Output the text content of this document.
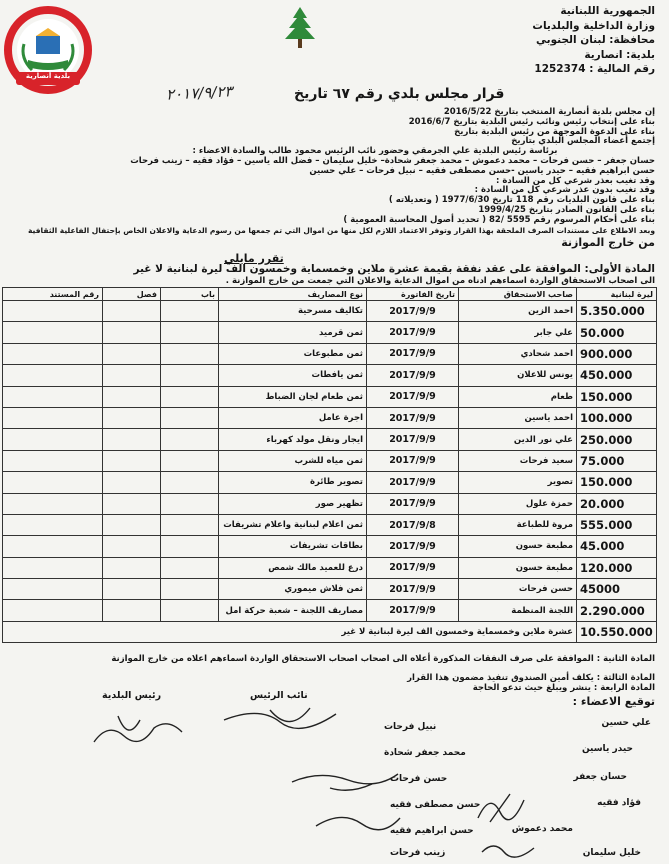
بلدية أنصارية
الجمهورية اللبنانية
وزارة الداخلية والبلديات
محافظة: لبنان الجنوبي
بلدية: انصارية
رقم المالية : 1252374
٢٠١٧/٩/٢٣	قرار مجلس بلدي رقم ٦٧ تاريخ
إن مجلس بلدية أنصارية المنتخب بتاريخ 2016/5/22
بناء على إنتخاب رئيس ونائب رئيس البلدية بتاريخ 2016/6/7
بناء على الدعوة الموجهة من رئيس البلدية بتاريخ
إجتمع أعضاء المجلس البلدي بتاريخ
برئاسة رئيس البلدية علي الجرمقي وحضور نائب الرئيس محمود طالب والسادة الاعضاء :
حسان جعفر – حسن فرحات – محمد دعموش – محمد جعفر شحادة– خليل سليمان – فضل الله ياسين – فؤاد فقيه – زينب فرحات
حسن ابراهيم فقيه – حيدر ياسين -حسن مصطفى فقيه – نبيل فرحات – علي حسين
وقد تغيب بعذر شرعي كل من السادة :
وقد تغيب بدون عذر شرعي كل من السادة :
بناء على قانون البلديات رقم 118 تاريخ 1977/6/30 ( وتعديلاته )
بناء على القانون الصادر بتاريخ 1999/4/25
بناء على أحكام المرسوم رقم 5595 /82 ( تحديد أصول المحاسبة العمومية )
وبعد الاطلاع على مستندات الصرف الملحقة بهذا القرار وتوفر الاعتماد اللازم لكل منها من اموال التي تم جمعها من رسوم الدعاية والاعلان الخاص بإحتفال الفاعلية الثقافية
من خارج الموازنة
تقرر مايلي
المادة الأولى: الموافقة على عقد نفقة بقيمة عشرة ملاين وخمسماية وخمسون الف ليرة لبنانية لا غير
الى اصحاب الاستحقاق الواردة اسماءهم ادناه من اموال الدعاية والاعلان التي جمعت من خارج الموازنة .
ليرة لبنانية	صاحب الاستحقاق	تاريخ الفاتورة	نوع المصاريف	باب	فصل	رقم المستند
5.350.000	احمد الزين	2017/9/9	تكاليف مسرحية			
50.000	علي جابر	2017/9/9	ثمن قرميد			
900.000	احمد شحادي	2017/9/9	ثمن مطبوعات			
450.000	يونس للاعلان	2017/9/9	ثمن يافطات			
150.000	طعام	2017/9/9	ثمن طعام لجان الضباط			
100.000	احمد ياسين	2017/9/9	اجرة عامل			
250.000	علي نور الدين	2017/9/9	ايجار ونقل مولد كهرباء			
75.000	سعيد فرحات	2017/9/9	ثمن مياه للشرب			
150.000	تصوير	2017/9/9	تصوير طائرة			
20.000	حمزة علول	2017/9/9	تظهير صور			
555.000	مروة للطباعة	2017/9/8	ثمن اعلام لبنانية واعلام تشريفات			
45.000	مطبعة حسون	2017/9/9	بطاقات تشريفات			
120.000	مطبعة حسون	2017/9/9	درع للعميد مالك شمص			
45000	حسن فرحات	2017/9/9	ثمن فلاش ميموري			
2.290.000	اللجنة المنظمة	2017/9/9	مصاريف اللجنة – شعبة حركة امل			
10.550.000	عشرة ملاين وخمسماية وخمسون الف ليرة لبنانية لا غير					
المادة الثانية : الموافقة على صرف النفقات المذكورة أعلاه الى اصحاب اصحاب الاستحقاق الواردة اسماءهم اعلاه من خارج الموازنة
المادة الثالثة : يكلف أمين الصندوق تنفيذ مضمون هذا القرار
المادة الرابعة : ينشر ويبلغ حيث تدعو الحاجة
توقيع الاعضاء :
رئيس البلدية	نائب الرئيس
علي حسين
حيدر ياسين
حسان جعفر
فؤاد فقيه
محمد دعموش
خليل سليمان
نبيل فرحات
محمد جعفر شحادة
حسن فرحات
حسن مصطفى فقيه
حسن ابراهيم فقيه
زينب فرحات
